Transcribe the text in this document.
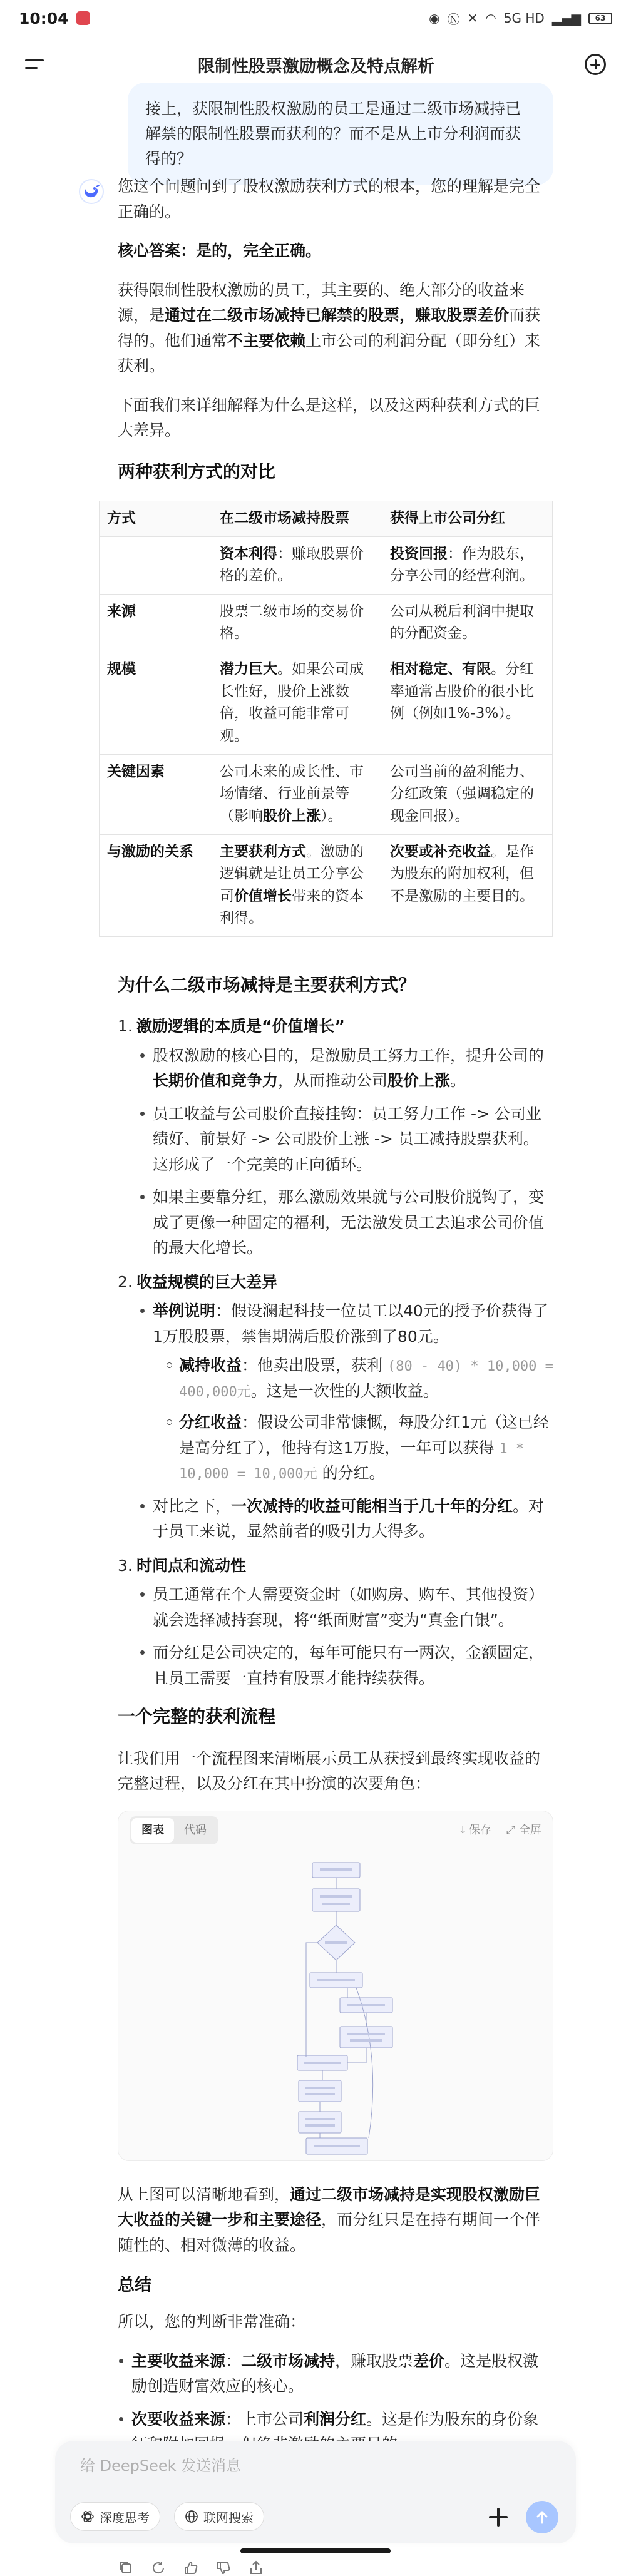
10:04	◉ Ⓝ ✕ ◠ 5G HD ▂▄▆ 63
限制性股票激励概念及特点解析
接上，获限制性股权激励的员工是通过二级市场减持已解禁的限制性股票而获利的？而不是从上市分利润而获得的？

您这个问题问到了股权激励获利方式的根本，您的理解是完全正确的。

核心答案：是的，完全正确。

获得限制性股权激励的员工，其主要的、绝大部分的收益来源，是通过在二级市场减持已解禁的股票，赚取股票差价而获得的。他们通常不主要依赖上市公司的利润分配（即分红）来获利。

下面我们来详细解释为什么是这样，以及这两种获利方式的巨大差异。

两种获利方式的对比
方式	在二级市场减持股票	获得上市公司分红
	资本利得：赚取股票价格的差价。	投资回报：作为股东，分享公司的经营利润。
来源	股票二级市场的交易价格。	公司从税后利润中提取的分配资金。
规模	潜力巨大。如果公司成长性好，股价上涨数倍，收益可能非常可观。	相对稳定、有限。分红率通常占股价的很小比例（例如1%-3%）。
关键因素	公司未来的成长性、市场情绪、行业前景等（影响股价上涨）。	公司当前的盈利能力、分红政策（强调稳定的现金回报）。
与激励的关系	主要获利方式。激励的逻辑就是让员工分享公司价值增长带来的资本利得。	次要或补充收益。是作为股东的附加权利，但不是激励的主要目的。
为什么二级市场减持是主要获利方式？
1. 激励逻辑的本质是“价值增长”
股权激励的核心目的，是激励员工努力工作，提升公司的长期价值和竞争力，从而推动公司股价上涨。
员工收益与公司股价直接挂钩：员工努力工作 -> 公司业绩好、前景好 -> 公司股价上涨 -> 员工减持股票获利。这形成了一个完美的正向循环。
如果主要靠分红，那么激励效果就与公司股价脱钩了，变成了更像一种固定的福利，无法激发员工去追求公司价值的最大化增长。
2. 收益规模的巨大差异
举例说明：假设澜起科技一位员工以40元的授予价获得了1万股股票，禁售期满后股价涨到了80元。
减持收益：他卖出股票，获利 (80 - 40) * 10,000 = 400,000元。这是一次性的大额收益。
分红收益：假设公司非常慷慨，每股分红1元（这已经是高分红了），他持有这1万股，一年可以获得 1 * 10,000 = 10,000元 的分红。
对比之下，一次减持的收益可能相当于几十年的分红。对于员工来说，显然前者的吸引力大得多。
3. 时间点和流动性
员工通常在个人需要资金时（如购房、购车、其他投资）就会选择减持套现，将“纸面财富”变为“真金白银”。
而分红是公司决定的，每年可能只有一两次，金额固定，且员工需要一直持有股票才能持续获得。
一个完整的获利流程

让我们用一个流程图来清晰展示员工从获授到最终实现收益的完整过程，以及分红在其中扮演的次要角色：

图表	代码	⤓ 保存 ⤢ 全屏

从上图可以清晰地看到，通过二级市场减持是实现股权激励巨大收益的关键一步和主要途径，而分红只是在持有期间一个伴随性的、相对微薄的收益。

总结

所以，您的判断非常准确：

主要收益来源：二级市场减持，赚取股票差价。这是股权激励创造财富效应的核心。
次要收益来源：上市公司利润分红。这是作为股东的身份象

给 DeepSeek 发送消息
深度思考	联网搜索
